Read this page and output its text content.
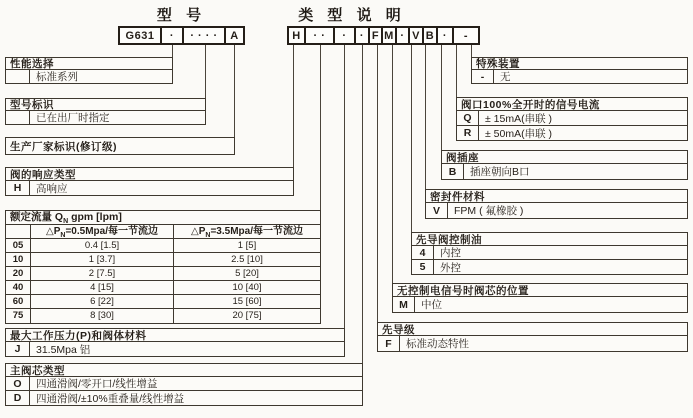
型 号	类 型 说 明
G631	·	· · · ·	A	H	· ·	·	· F M · V B ·	-
性能选择
标准系列
型号标识
已在出厂时指定
生产厂家标识(修订级)
阀的响应类型
H	高响应
额定流量 $Q_N$ gpm [lpm]
$\triangle P_N=0.5Mpa/$每一节流边	$\triangle P_N=3.5Mpa/$每一节流边
05	0.4 [1.5]	1 [5]
10	1 [3.7]	2.5 [10]
20	2 [7.5]	5 [20]
40	4 [15]	10 [40]
60	6 [22]	15 [60]
75	8 [30]	20 [75]
最大工作压力(P)和阀体材料
J	31.5Mpa 铝
主阀芯类型
O	四通滑阀/零开口/线性增益
D	四通滑阀/±10%重叠量/线性增益
特殊装置
-	无
阀口100%全开时的信号电流
Q	± 15mA(串联 )
R	± 50mA(串联 )
阀插座
B	插座朝向B口
密封件材料
V	FPM ( 氟橡胶 )
先导阀控制油
4	内控
5	外控
无控制电信号时阀芯的位置
M	中位
先导级
F	标准动态特性
